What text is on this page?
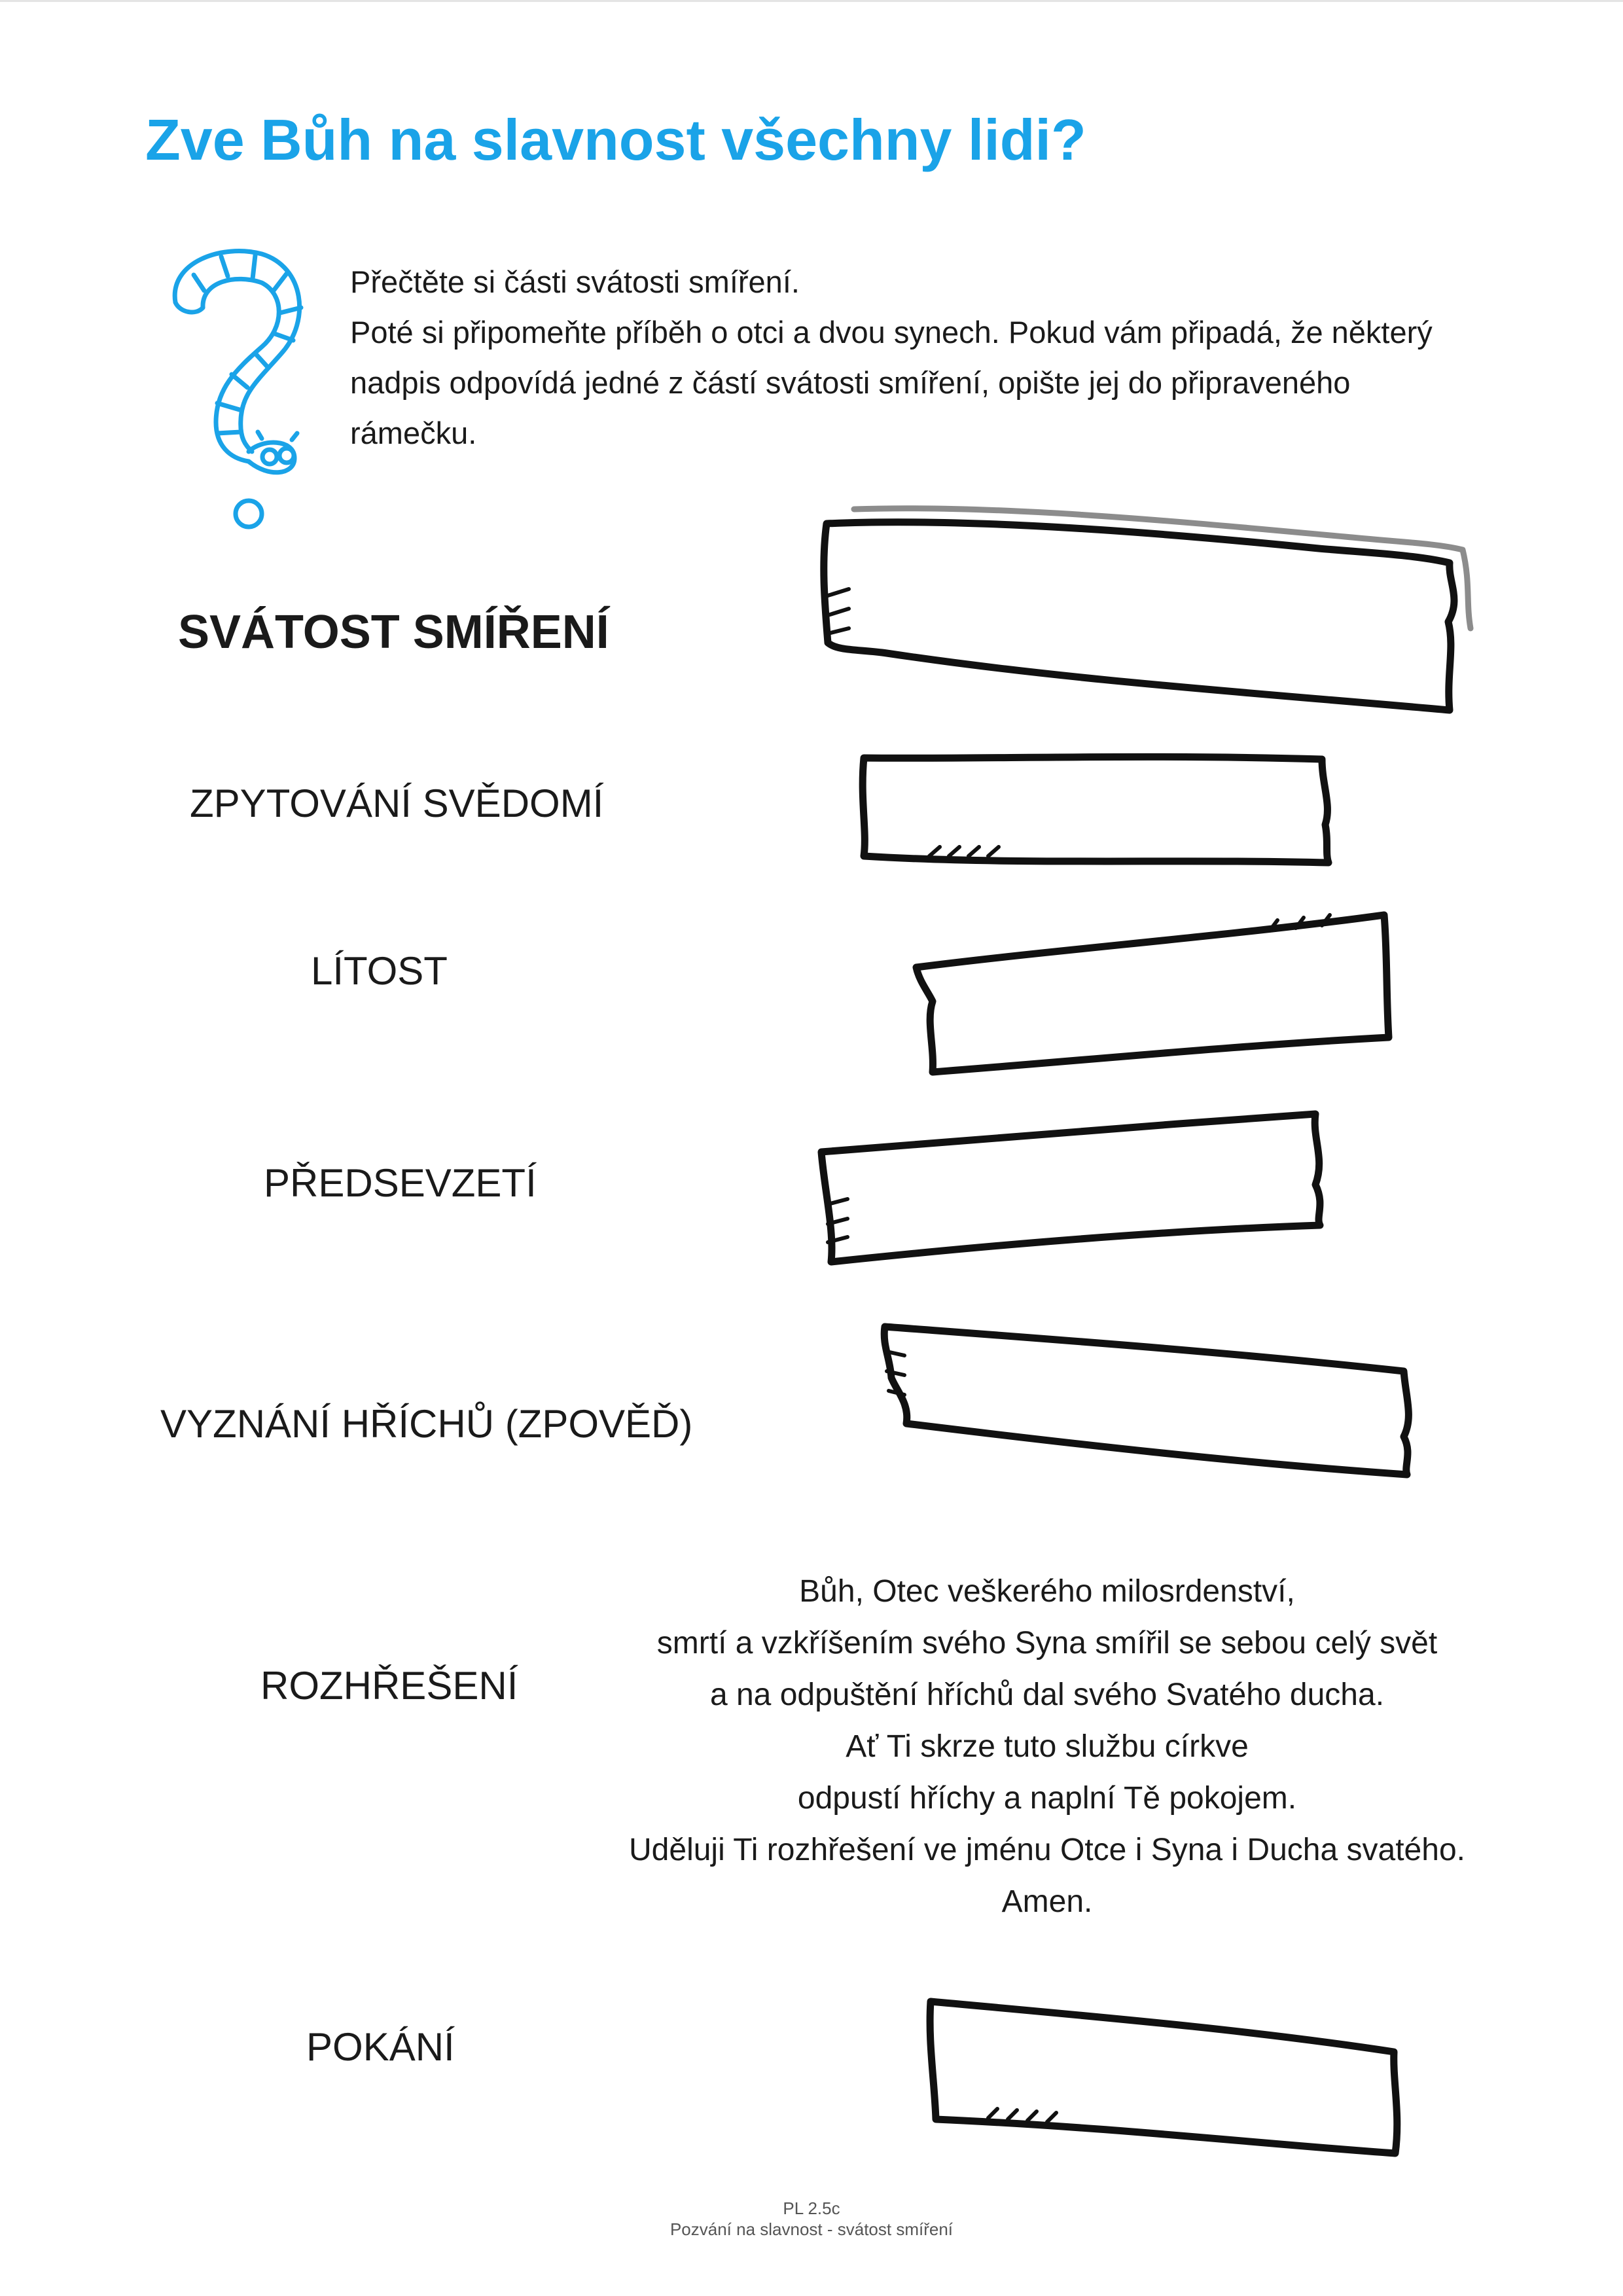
Zve Bůh na slavnost všechny lidi?

Přečtěte si části svátosti smíření.

Poté si připomeňte příběh o otci a dvou synech. Pokud vám připadá, že některý nadpis odpovídá jedné z částí svátosti smíření, opište jej do připraveného rámečku.

SVÁTOST SMÍŘENÍ
ZPYTOVÁNÍ SVĚDOMÍ
LÍTOST
PŘEDSEVZETÍ
VYZNÁNÍ HŘÍCHŮ (ZPOVĚĎ)
ROZHŘEŠENÍ
POKÁNÍ
Bůh, Otec veškerého milosrdenství,
smrtí a vzkříšením svého Syna smířil se sebou celý svět
a na odpuštění hříchů dal svého Svatého ducha.
Ať Ti skrze tuto službu církve
odpustí hříchy a naplní Tě pokojem.
Uděluji Ti rozhřešení ve jménu Otce i Syna i Ducha svatého.
Amen.
PL 2.5c
Pozvání na slavnost - svátost smíření
